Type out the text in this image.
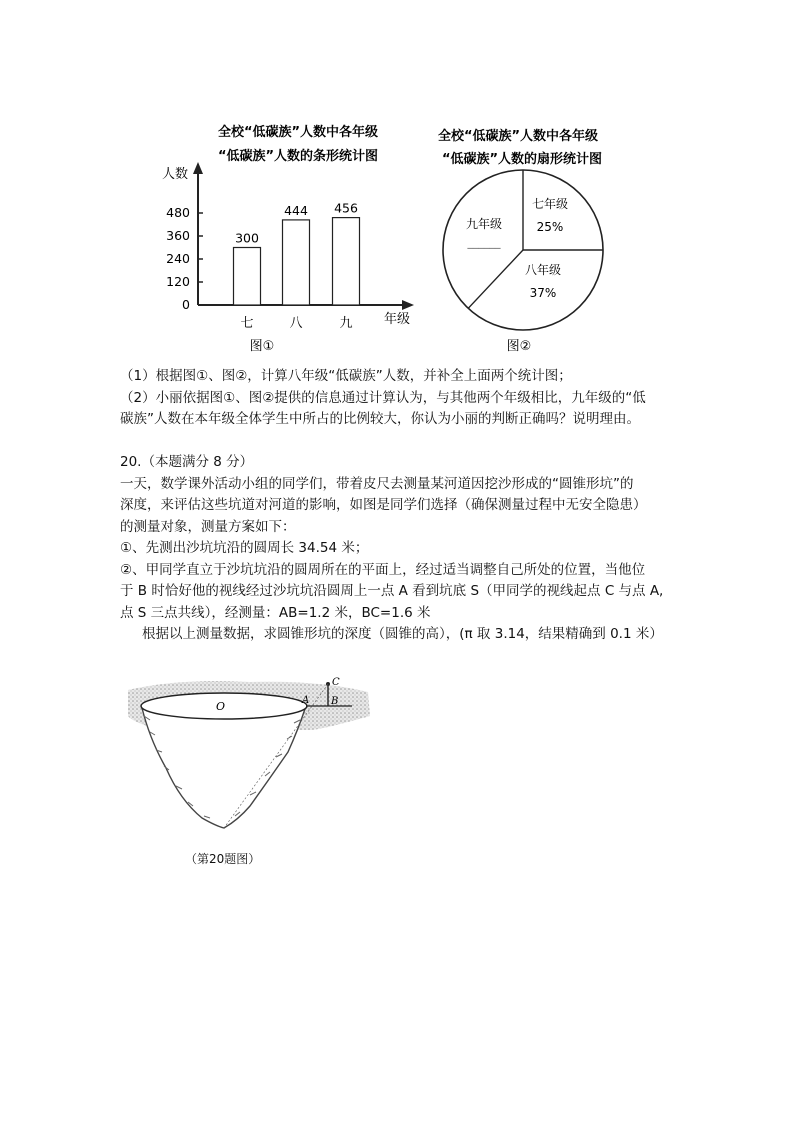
全校“低碳族”人数中各年级
“低碳族”人数的条形统计图
人数
0
120
240
360
480
300
七
444
八
456
九 年级
图①
全校“低碳族”人数中各年级
“低碳族”人数的扇形统计图
七年级
25%
八年级
37%
九年级
______
图②

（1）根据图①、图②，计算八年级“低碳族”人数，并补全上面两个统计图；

（2）小丽依据图①、图②提供的信息通过计算认为，与其他两个年级相比，九年级的“低

碳族”人数在本年级全体学生中所占的比例较大，你认为小丽的判断正确吗？说明理由。

20.（本题满分 8 分）

一天，数学课外活动小组的同学们，带着皮尺去测量某河道因挖沙形成的“圆锥形坑”的

深度，来评估这些坑道对河道的影响，如图是同学们选择（确保测量过程中无安全隐患）

的测量对象，测量方案如下：

①、先测出沙坑坑沿的圆周长 34.54 米；

②、甲同学直立于沙坑坑沿的圆周所在的平面上，经过适当调整自己所处的位置，当他位

于 B 时恰好他的视线经过沙坑坑沿圆周上一点 A 看到坑底 S（甲同学的视线起点 C 与点 A,

点 S 三点共线），经测量：AB=1.2 米，BC=1.6 米

根据以上测量数据，求圆锥形坑的深度（圆锥的高），(π 取 3.14，结果精确到 0.1 米）

O	A B
C
（第20题图）
